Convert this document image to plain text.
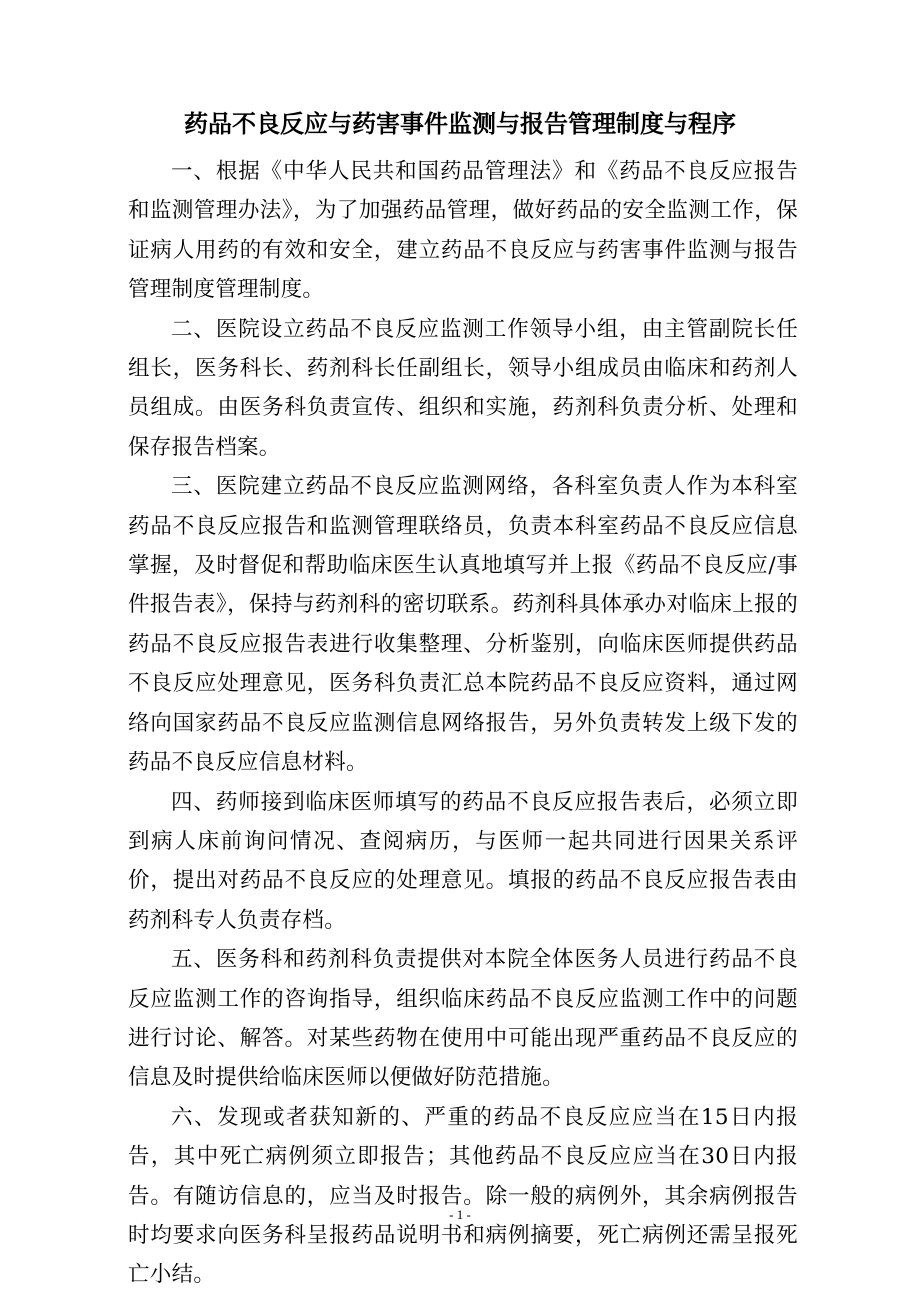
药品不良反应与药害事件监测与报告管理制度与程序

一、根据《中华人民共和国药品管理法》和《药品不良反应报告和监测管理办法》，为了加强药品管理，做好药品的安全监测工作，保证病人用药的有效和安全，建立药品不良反应与药害事件监测与报告管理制度管理制度。

二、医院设立药品不良反应监测工作领导小组，由主管副院长任组长，医务科长、药剂科长任副组长，领导小组成员由临床和药剂人员组成。由医务科负责宣传、组织和实施，药剂科负责分析、处理和保存报告档案。

三、医院建立药品不良反应监测网络，各科室负责人作为本科室药品不良反应报告和监测管理联络员，负责本科室药品不良反应信息掌握，及时督促和帮助临床医生认真地填写并上报《药品不良反应/事件报告表》，保持与药剂科的密切联系。药剂科具体承办对临床上报的药品不良反应报告表进行收集整理、分析鉴别，向临床医师提供药品不良反应处理意见，医务科负责汇总本院药品不良反应资料，通过网络向国家药品不良反应监测信息网络报告，另外负责转发上级下发的药品不良反应信息材料。

四、药师接到临床医师填写的药品不良反应报告表后，必须立即到病人床前询问情况、查阅病历，与医师一起共同进行因果关系评价，提出对药品不良反应的处理意见。填报的药品不良反应报告表由药剂科专人负责存档。

五、医务科和药剂科负责提供对本院全体医务人员进行药品不良反应监测工作的咨询指导，组织临床药品不良反应监测工作中的问题进行讨论、解答。对某些药物在使用中可能出现严重药品不良反应的信息及时提供给临床医师以便做好防范措施。

六、发现或者获知新的、严重的药品不良反应应当在15日内报告，其中死亡病例须立即报告；其他药品不良反应应当在30日内报告。有随访信息的，应当及时报告。除一般的病例外，其余病例报告时均要求向医务科呈报药品说明书和病例摘要，死亡病例还需呈报死亡小结。

- 1 -
